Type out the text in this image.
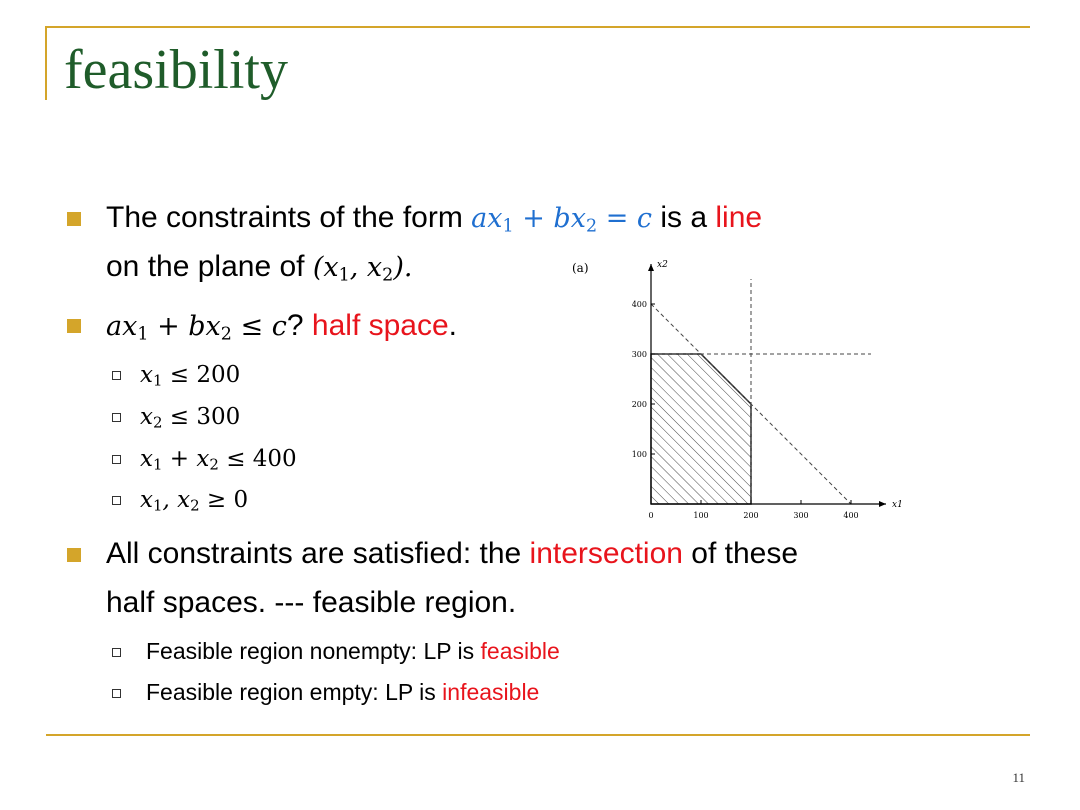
feasibility
The constraints of the form $ax_1 + bx_2 = c$ is a line
on the plane of ($x_1$, $x_2$).
$ax_1 + bx_2 \le c$? half space.
$x_1 \le 200$
$x_2 \le 300$
$x_1 + x_2 \le 400$
$x_1$, $x_2 \ge 0$
All constraints are satisfied: the intersection of these
half spaces. --- feasible region.
Feasible region nonempty: LP is feasible
Feasible region empty: LP is infeasible
0	100	200	300	400
100
200
300
400
(a)	x2
x1
11
